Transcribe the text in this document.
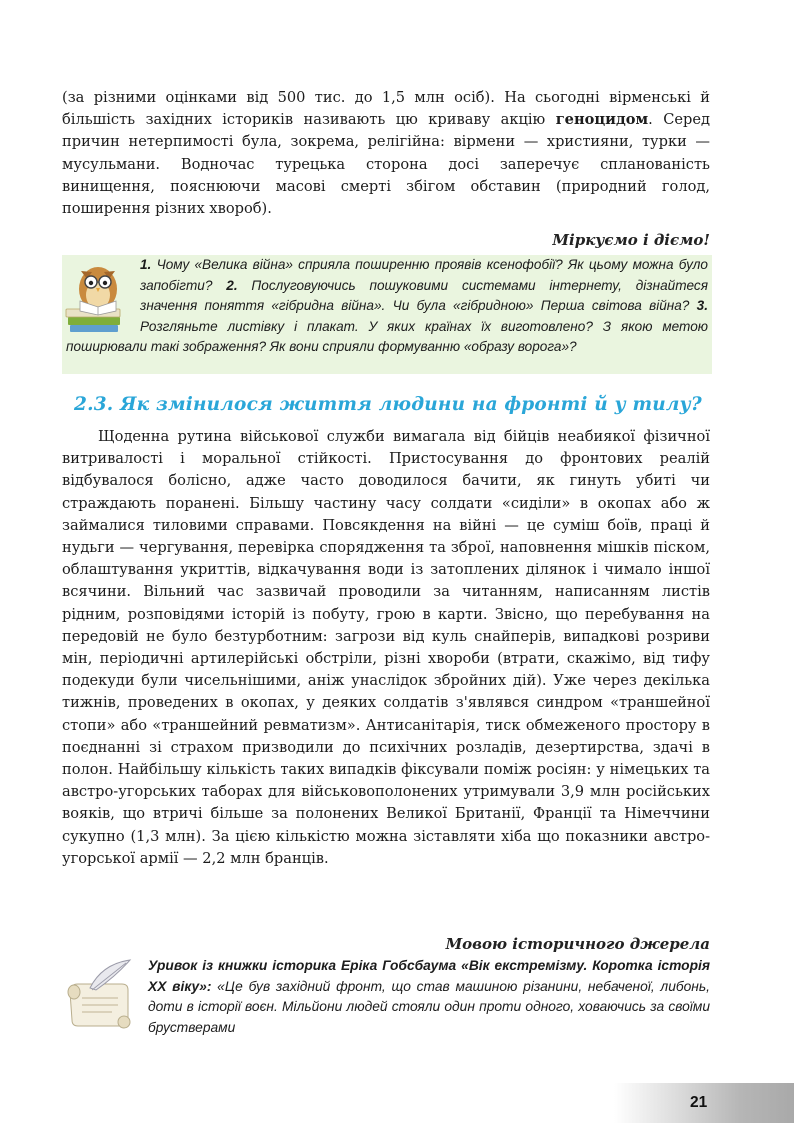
(за різними оцінками від 500 тис. до 1,5 млн осіб). На сьогодні вірменські й більшість західних істориків називають цю криваву акцію геноцидом. Серед причин нетерпимості була, зокрема, релігійна: вірмени — християни, турки — мусульмани. Водночас турецька сторона досі заперечує спланованість винищення, пояснюючи масові смерті збігом обставин (природний голод, поширення різних хвороб).

Міркуємо і діємо!

1. Чому «Велика війна» сприяла поширенню проявів ксенофобії? Як цьому можна було запобігти? 2. Послуговуючись пошуковими системами інтернету, дізнайтеся значення поняття «гібридна війна». Чи була «гібридною» Перша світова війна? 3. Розгляньте листівку і плакат. У яких країнах їх виготовлено? З якою метою поширювали такі зображення? Як вони сприяли формуванню «образу ворога»?

2.3. Як змінилося життя людини на фронті й у тилу?

Щоденна рутина військової служби вимагала від бійців неабиякої фізичної витривалості і моральної стійкості. Пристосування до фронтових реалій відбувалося болісно, адже часто доводилося бачити, як гинуть убиті чи страждають поранені. Більшу частину часу солдати «сиділи» в окопах або ж займалися тиловими справами. Повсякдення на війні — це суміш боїв, праці й нудьги — чергування, перевірка спорядження та зброї, наповнення мішків піском, облаштування укриттів, відкачування води із затоплених ділянок і чимало іншої всячини. Вільний час зазвичай проводили за читанням, написанням листів рідним, розповідями історій із побуту, грою в карти. Звісно, що перебування на передовій не було безтурботним: загрози від куль снайперів, випадкові розриви мін, періодичні артилерійські обстріли, різні хвороби (втрати, скажімо, від тифу подекуди були чисельнішими, аніж унаслідок збройних дій). Уже через декілька тижнів, проведених в окопах, у деяких солдатів з'являвся синдром «траншейної стопи» або «траншейний ревматизм». Антисанітарія, тиск обмеженого простору в поєднанні зі страхом призводили до психічних розладів, дезертирства, здачі в полон. Найбільшу кількість таких випадків фіксували поміж росіян: у німецьких та австро-угорських таборах для військовополонених утримували 3,9 млн російських вояків, що втричі більше за полонених Великої Британії, Франції та Німеччини сукупно (1,3 млн). За цією кількістю можна зіставляти хіба що показники австро-угорської армії — 2,2 млн бранців.

Мовою історичного джерела

Уривок із книжки історика Еріка Гобсбаума «Вік екстремізму. Коротка історія XX віку»: «Це був західний фронт, що став машиною різанини, небаченої, либонь, доти в історії воєн. Мільйони людей стояли один проти одного, ховаючись за своїми брустверами

21
